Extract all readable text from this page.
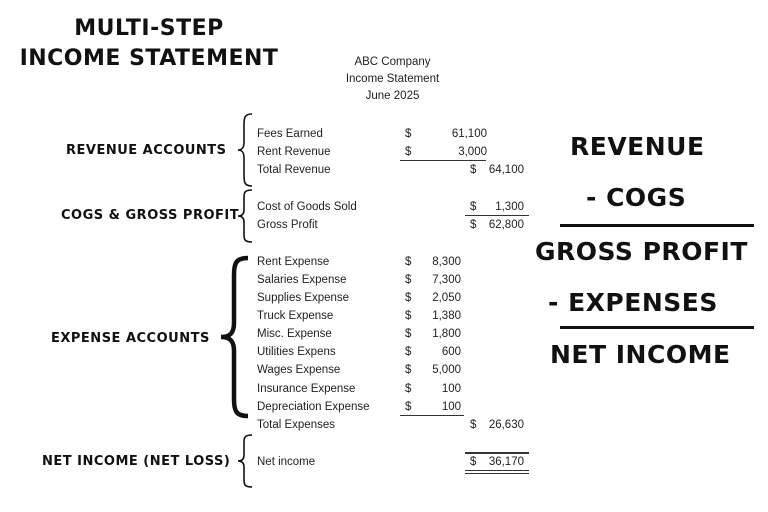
MULTI-STEP
INCOME STATEMENT	ABC Company
Income Statement
June 2025
REVENUE ACCOUNTS
COGS & GROSS PROFIT
EXPENSE ACCOUNTS
NET INCOME (NET LOSS)
Fees Earned	$	61,100
Rent Revenue	$	3,000
Total Revenue	$ 64,100
Cost of Goods Sold	$ 1,300
Gross Profit	$ 62,800
Rent Expense	$ 8,300
Salaries Expense	$ 7,300
Supplies Expense	$ 2,050
Truck Expense	$ 1,380
Misc. Expense	$ 1,800
Utilities Expens	$	600
Wages Expense	$ 5,000
Insurance Expense	$	100
Depreciation Expense	$	100
Total Expenses	$ 26,630
Net income	$ 36,170
REVENUE
- COGS
GROSS PROFIT
- EXPENSES
NET INCOME
